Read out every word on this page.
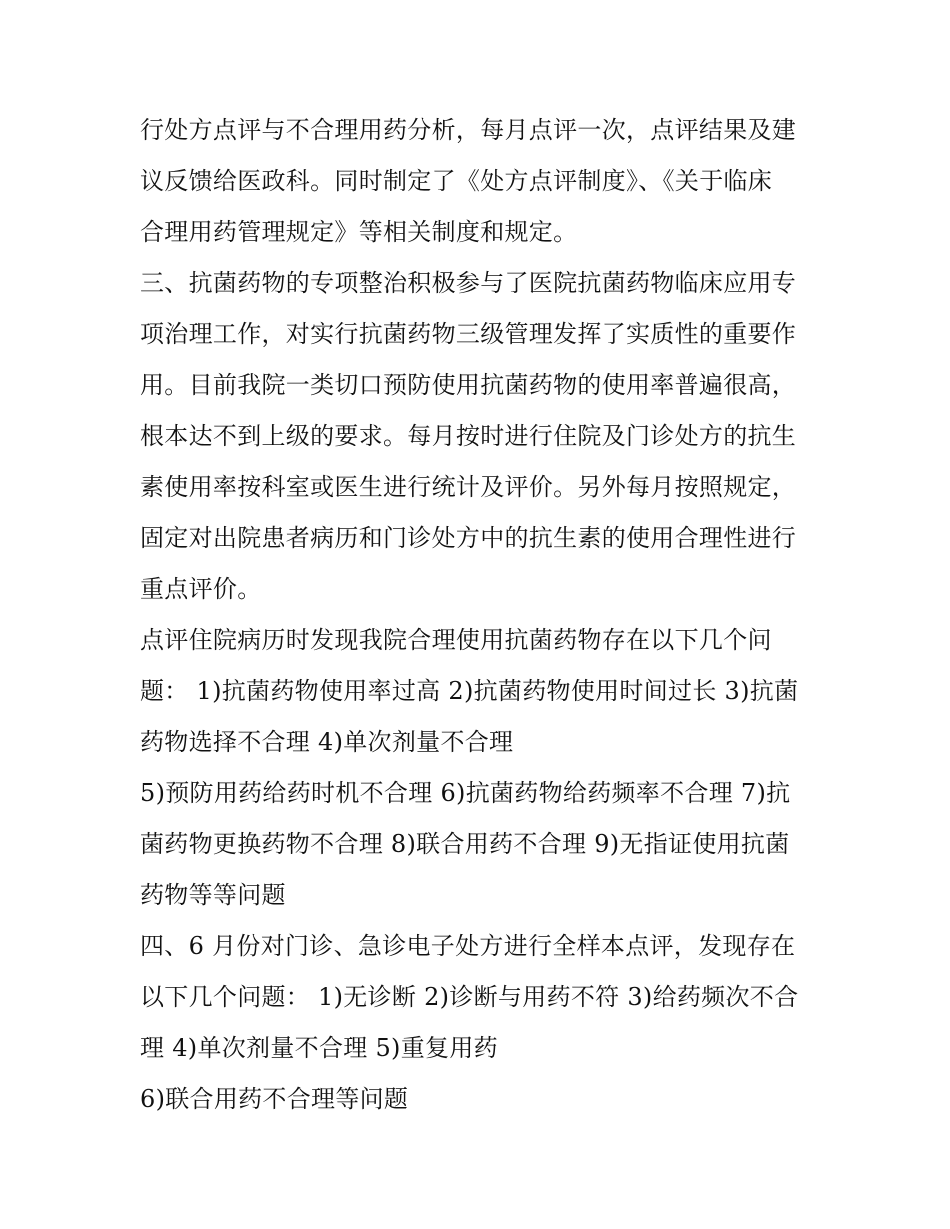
行处方点评与不合理用药分析，每月点评一次，点评结果及建
议反馈给医政科。同时制定了《处方点评制度》、《关于临床
合理用药管理规定》等相关制度和规定。
三、抗菌药物的专项整治积极参与了医院抗菌药物临床应用专
项治理工作，对实行抗菌药物三级管理发挥了实质性的重要作
用。目前我院一类切口预防使用抗菌药物的使用率普遍很高，
根本达不到上级的要求。每月按时进行住院及门诊处方的抗生
素使用率按科室或医生进行统计及评价。另外每月按照规定，
固定对出院患者病历和门诊处方中的抗生素的使用合理性进行
重点评价。
点评住院病历时发现我院合理使用抗菌药物存在以下几个问
题： 1)抗菌药物使用率过高 2)抗菌药物使用时间过长 3)抗菌
药物选择不合理 4)单次剂量不合理
5)预防用药给药时机不合理 6)抗菌药物给药频率不合理 7)抗
菌药物更换药物不合理 8)联合用药不合理 9)无指证使用抗菌
药物等等问题
四、6 月份对门诊、急诊电子处方进行全样本点评，发现存在
以下几个问题： 1)无诊断 2)诊断与用药不符 3)给药频次不合
理 4)单次剂量不合理 5)重复用药
6)联合用药不合理等问题
